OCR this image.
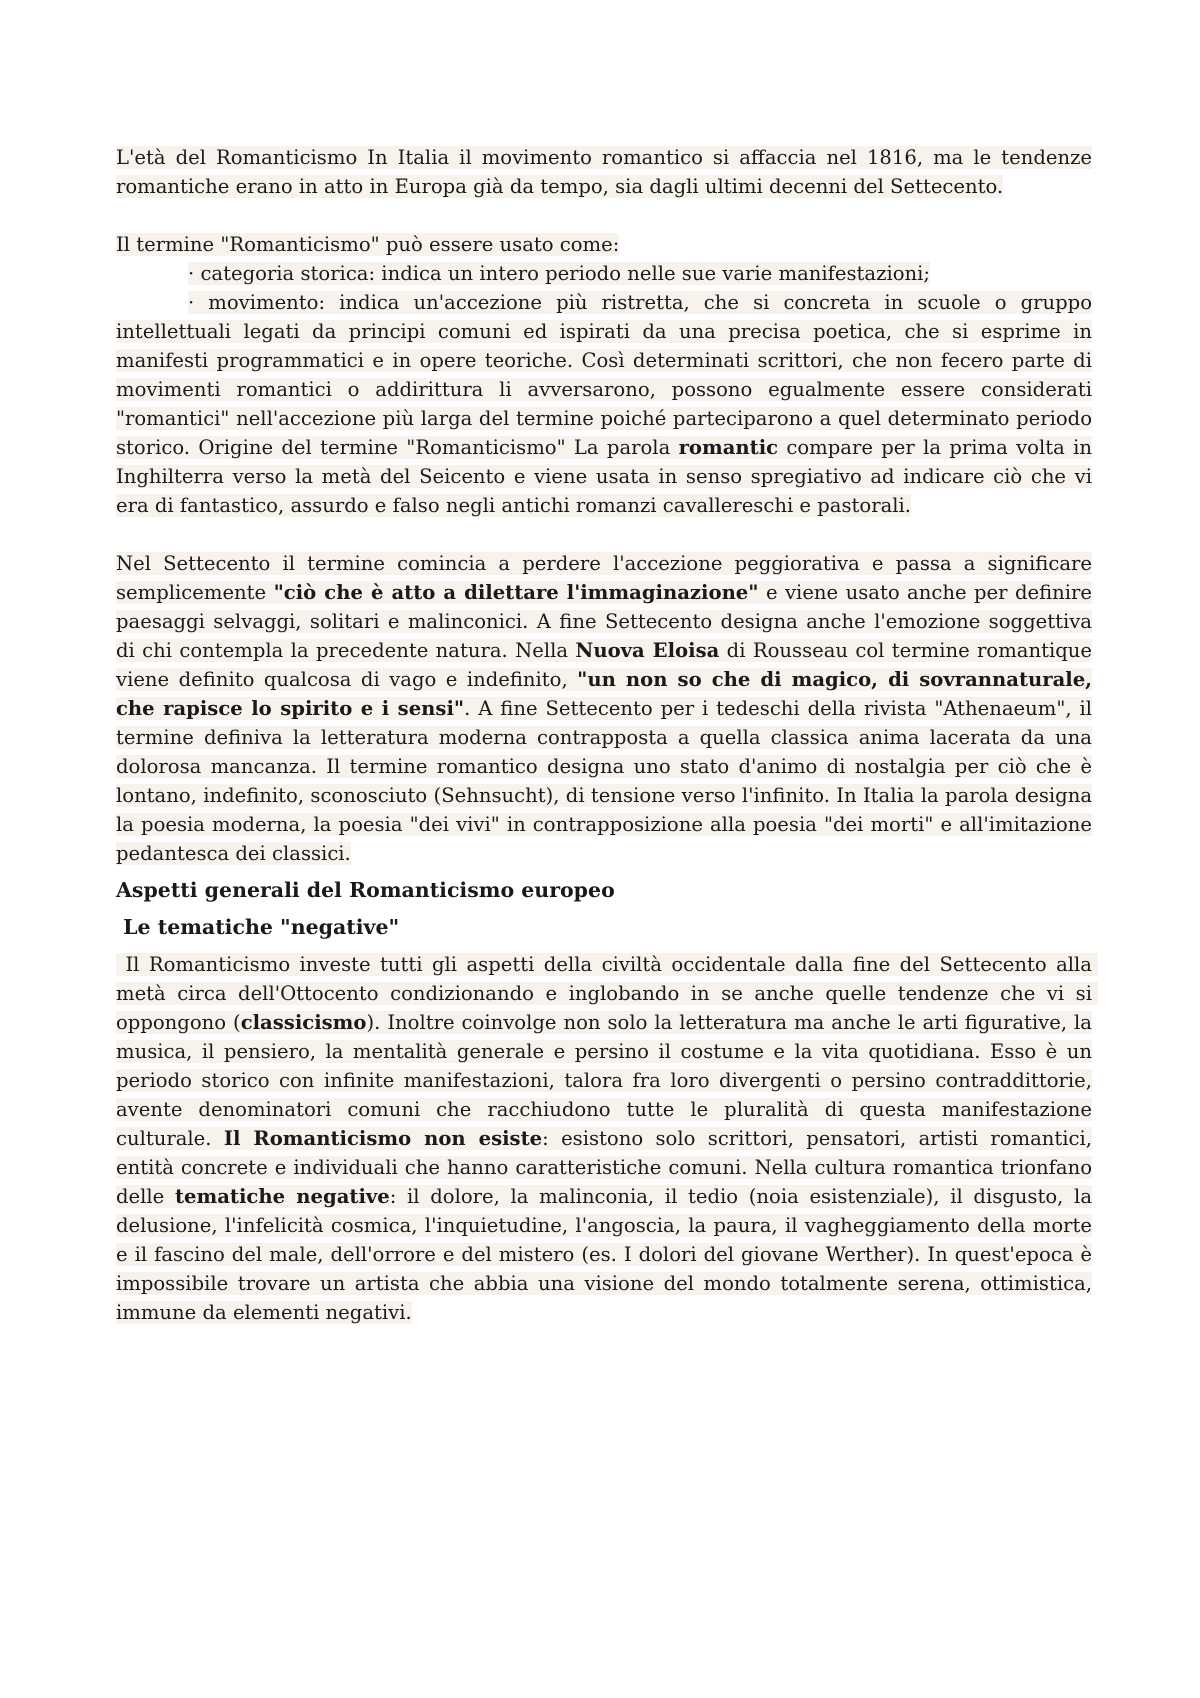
L'età del Romanticismo In Italia il movimento romantico si affaccia nel 1816, ma le tendenze romantiche erano in atto in Europa già da tempo, sia dagli ultimi decenni del Settecento.

Il termine "Romanticismo" può essere usato come:

· categoria storica: indica un intero periodo nelle sue varie manifestazioni;

· movimento: indica un'accezione più ristretta, che si concreta in scuole o gruppo intellettuali legati da principi comuni ed ispirati da una precisa poetica, che si esprime in manifesti programmatici e in opere teoriche. Così determinati scrittori, che non fecero parte di movimenti romantici o addirittura li avversarono, possono egualmente essere considerati "romantici" nell'accezione più larga del termine poiché parteciparono a quel determinato periodo storico. Origine del termine "Romanticismo" La parola romantic compare per la prima volta in Inghilterra verso la metà del Seicento e viene usata in senso spregiativo ad indicare ciò che vi era di fantastico, assurdo e falso negli antichi romanzi cavallereschi e pastorali.

Nel Settecento il termine comincia a perdere l'accezione peggiorativa e passa a significare semplicemente "ciò che è atto a dilettare l'immaginazione" e viene usato anche per definire paesaggi selvaggi, solitari e malinconici. A fine Settecento designa anche l'emozione soggettiva di chi contempla la precedente natura. Nella Nuova Eloisa di Rousseau col termine romantique viene definito qualcosa di vago e indefinito, "un non so che di magico, di sovrannaturale, che rapisce lo spirito e i sensi". A fine Settecento per i tedeschi della rivista "Athenaeum", il termine definiva la letteratura moderna contrapposta a quella classica anima lacerata da una dolorosa mancanza. Il termine romantico designa uno stato d'animo di nostalgia per ciò che è lontano, indefinito, sconosciuto (Sehnsucht), di tensione verso l'infinito. In Italia la parola designa la poesia moderna, la poesia "dei vivi" in contrapposizione alla poesia "dei morti" e all'imitazione pedantesca dei classici.

Aspetti generali del Romanticismo europeo

Le tematiche "negative"

Il Romanticismo investe tutti gli aspetti della civiltà occidentale dalla fine del Settecento alla metà circa dell'Ottocento condizionando e inglobando in se anche quelle tendenze che vi si oppongono (classicismo). Inoltre coinvolge non solo la letteratura ma anche le arti figurative, la musica, il pensiero, la mentalità generale e persino il costume e la vita quotidiana. Esso è un periodo storico con infinite manifestazioni, talora fra loro divergenti o persino contraddittorie, avente denominatori comuni che racchiudono tutte le pluralità di questa manifestazione culturale. Il Romanticismo non esiste: esistono solo scrittori, pensatori, artisti romantici, entità concrete e individuali che hanno caratteristiche comuni. Nella cultura romantica trionfano delle tematiche negative: il dolore, la malinconia, il tedio (noia esistenziale), il disgusto, la delusione, l'infelicità cosmica, l'inquietudine, l'angoscia, la paura, il vagheggiamento della morte e il fascino del male, dell'orrore e del mistero (es. I dolori del giovane Werther). In quest'epoca è impossibile trovare un artista che abbia una visione del mondo totalmente serena, ottimistica, immune da elementi negativi.
